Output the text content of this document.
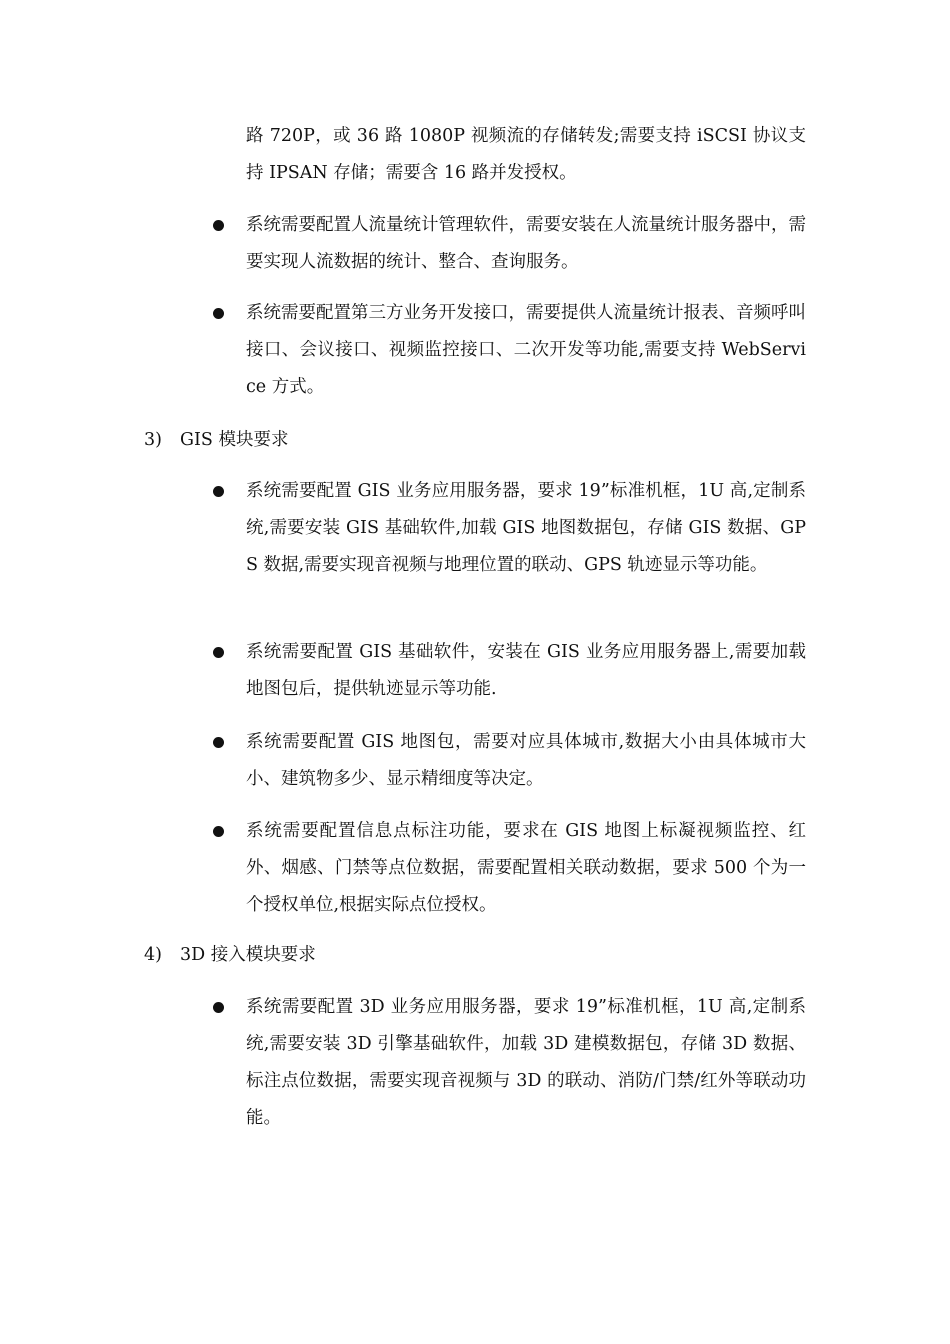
路 720P，或 36 路 1080P 视频流的存储转发;需要支持 iSCSI 协议支持 IPSAN 存储；需要含 16 路并发授权。
系统需要配置人流量统计管理软件，需要安装在人流量统计服务器中，需要实现人流数据的统计、整合、查询服务。
系统需要配置第三方业务开发接口，需要提供人流量统计报表、音频呼叫接口、会议接口、视频监控接口、二次开发等功能,需要支持 WebService 方式。
3) GIS 模块要求
系统需要配置 GIS 业务应用服务器，要求 19”标准机框，1U 高,定制系统,需要安装 GIS 基础软件,加载 GIS 地图数据包，存储 GIS 数据、GPS 数据,需要实现音视频与地理位置的联动、GPS 轨迹显示等功能。
系统需要配置 GIS 基础软件，安装在 GIS 业务应用服务器上,需要加载地图包后，提供轨迹显示等功能.
系统需要配置 GIS 地图包，需要对应具体城市,数据大小由具体城市大小、建筑物多少、显示精细度等决定。
系统需要配置信息点标注功能，要求在 GIS 地图上标凝视频监控、红外、烟感、门禁等点位数据，需要配置相关联动数据，要求 500 个为一个授权单位,根据实际点位授权。
4) 3D 接入模块要求
系统需要配置 3D 业务应用服务器，要求 19”标准机框，1U 高,定制系统,需要安装 3D 引擎基础软件，加载 3D 建模数据包，存储 3D 数据、标注点位数据，需要实现音视频与 3D 的联动、消防/门禁/红外等联动功能。
